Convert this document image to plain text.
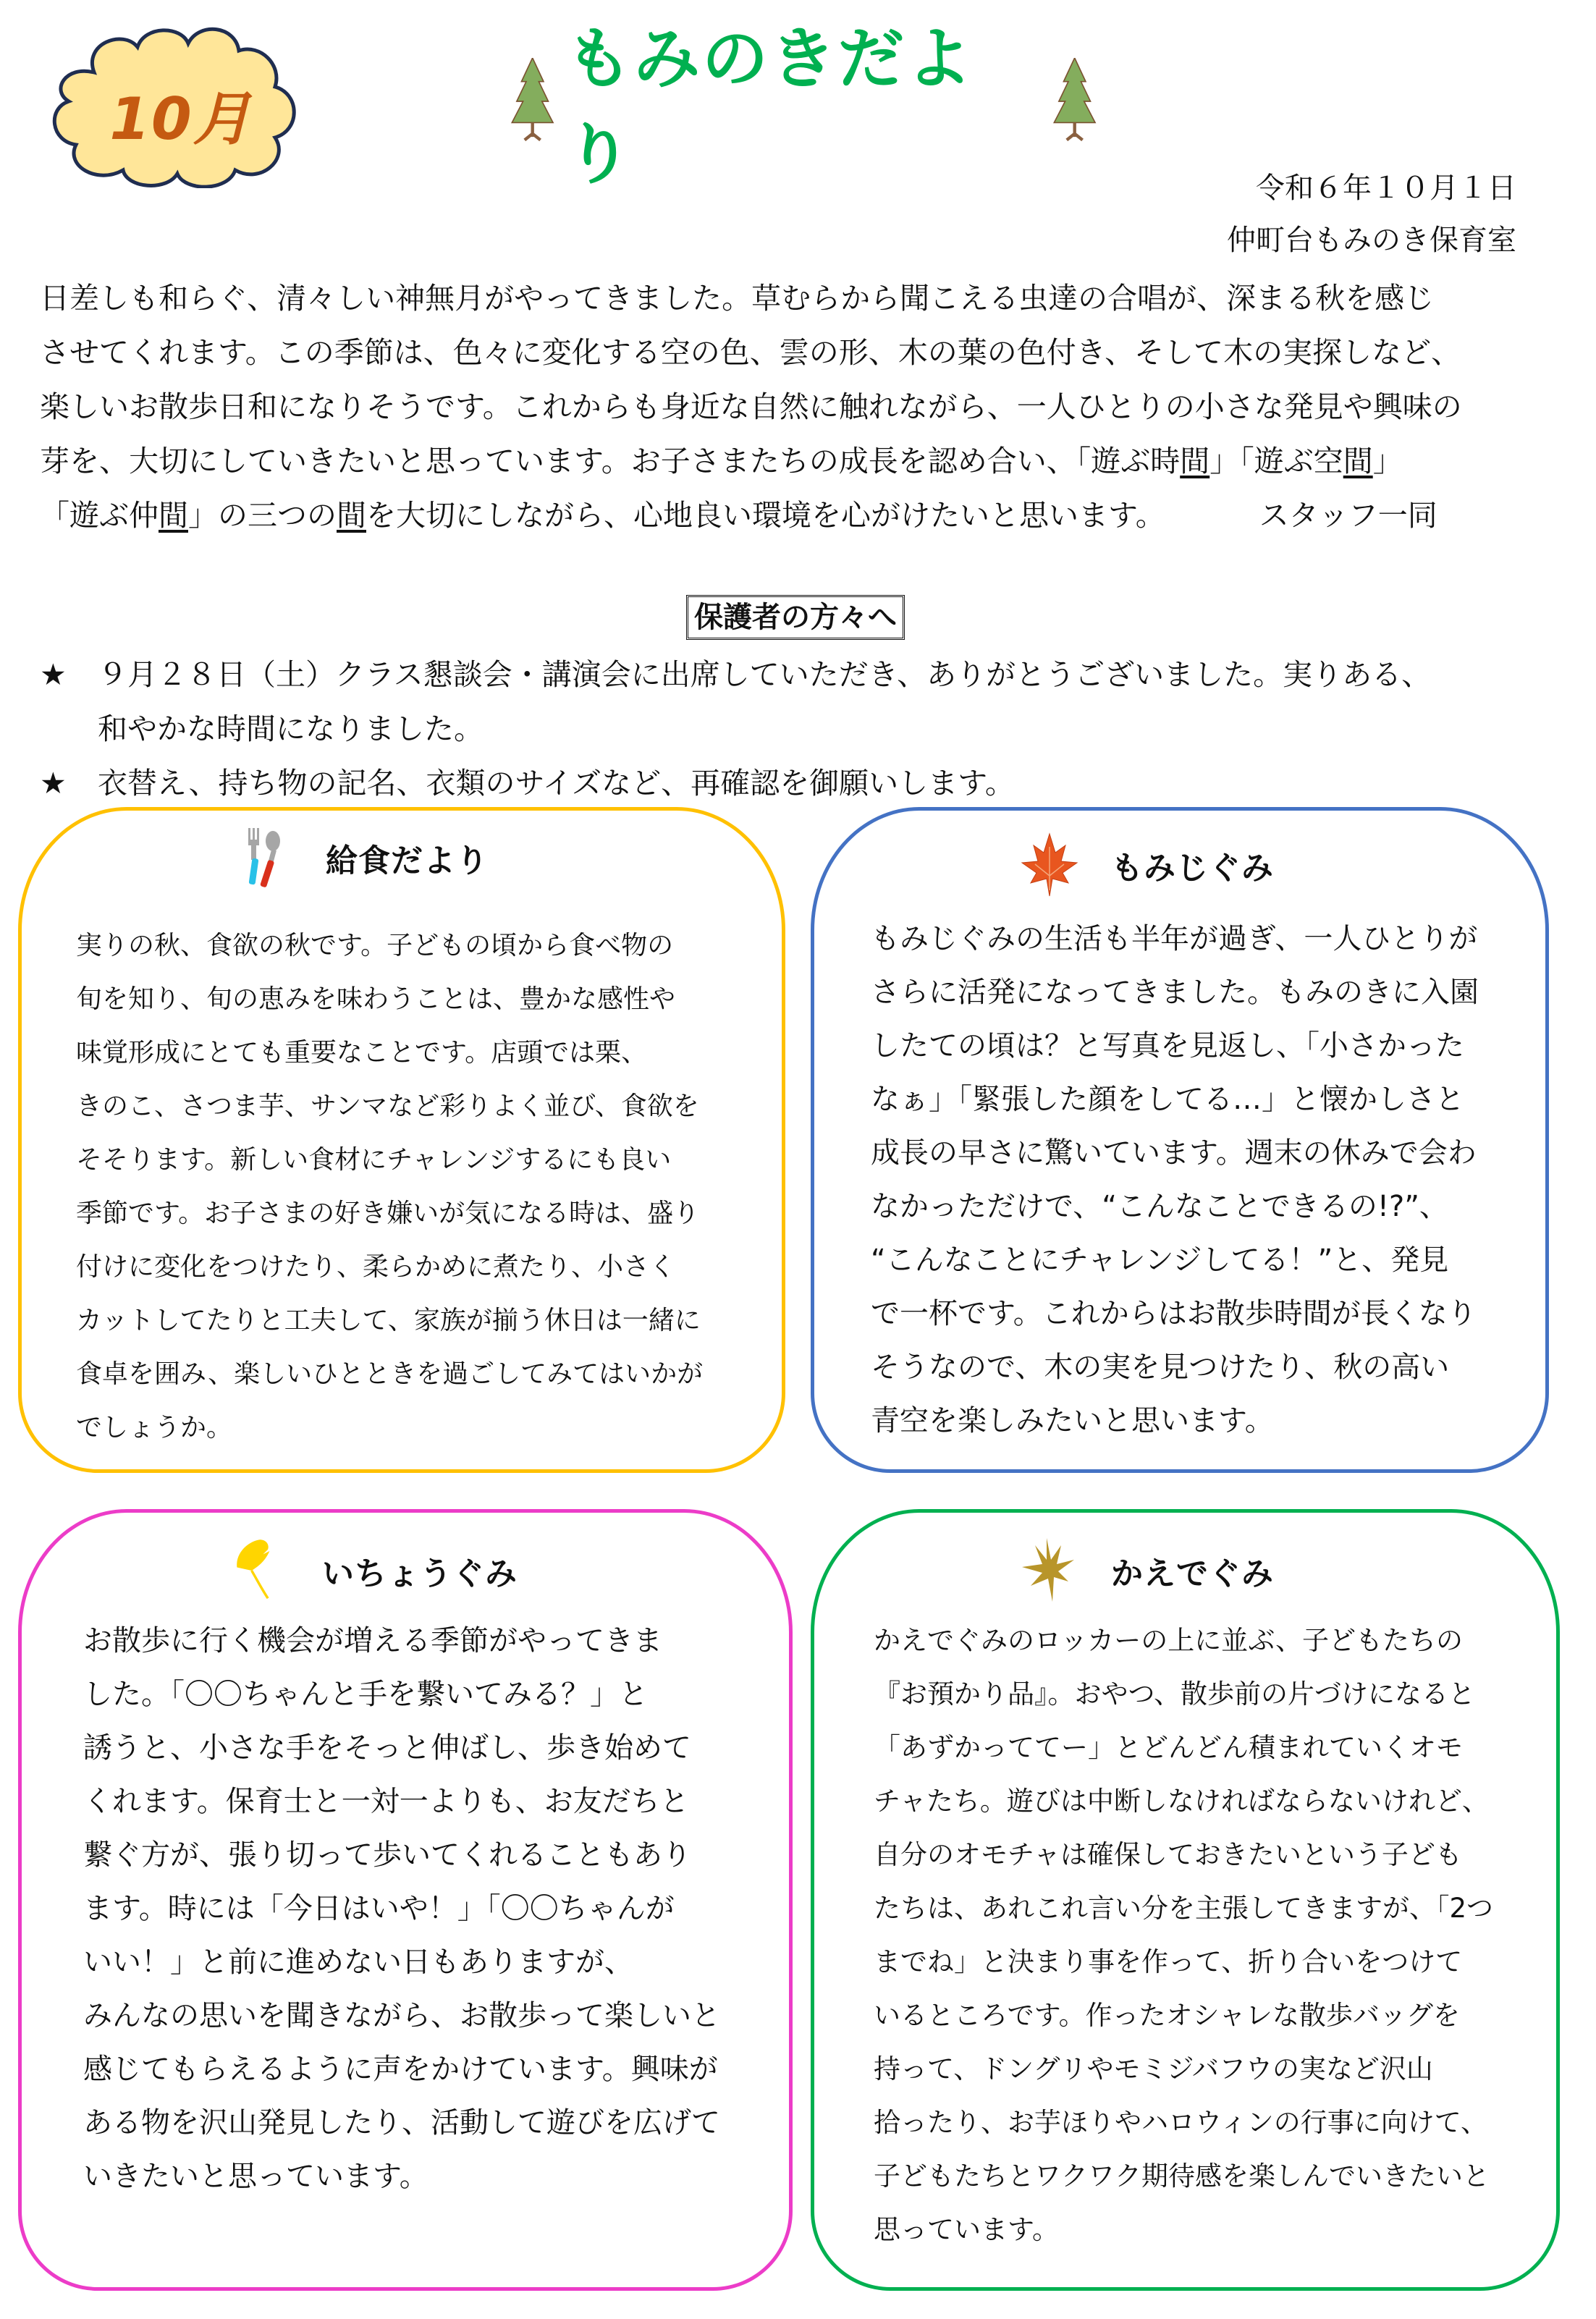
10月
もみのきだより	令和６年１０月１日
仲町台もみのき保育室
日差しも和らぐ、清々しい神無月がやってきました。草むらから聞こえる虫達の合唱が、深まる秋を感じ
させてくれます。この季節は、色々に変化する空の色、雲の形、木の葉の色付き、そして木の実探しなど、
楽しいお散歩日和になりそうです。これからも身近な自然に触れながら、一人ひとりの小さな発見や興味の
芽を、大切にしていきたいと思っています。お子さまたちの成長を認め合い、「遊ぶ時間」「遊ぶ空間」
「遊ぶ仲間」の三つの間を大切にしながら、心地良い環境を心がけたいと思います。	スタッフ一同
保護者の方々へ
★	９月２８日（土）クラス懇談会・講演会に出席していただき、ありがとうございました。実りある、
和やかな時間になりました。
★	衣替え、持ち物の記名、衣類のサイズなど、再確認を御願いします。
給食だより
実りの秋、食欲の秋です。子どもの頃から食べ物の
旬を知り、旬の恵みを味わうことは、豊かな感性や
味覚形成にとても重要なことです。店頭では栗、
きのこ、さつま芋、サンマなど彩りよく並び、食欲を
そそります。新しい食材にチャレンジするにも良い
季節です。お子さまの好き嫌いが気になる時は、盛り
付けに変化をつけたり、柔らかめに煮たり、小さく
カットしてたりと工夫して、家族が揃う休日は一緒に
食卓を囲み、楽しいひとときを過ごしてみてはいかが
でしょうか。
もみじぐみ
もみじぐみの生活も半年が過ぎ、一人ひとりが
さらに活発になってきました。もみのきに入園
したての頃は？と写真を見返し、「小さかった
なぁ」「緊張した顔をしてる…」と懐かしさと
成長の早さに驚いています。週末の休みで会わ
なかっただけで、“こんなことできるの!?”、
“こんなことにチャレンジしてる！”と、発見
で一杯です。これからはお散歩時間が長くなり
そうなので、木の実を見つけたり、秋の高い
青空を楽しみたいと思います。
いちょうぐみ
お散歩に行く機会が増える季節がやってきま
した。「〇〇ちゃんと手を繋いてみる？」と
誘うと、小さな手をそっと伸ばし、歩き始めて
くれます。保育士と一対一よりも、お友だちと
繋ぐ方が、張り切って歩いてくれることもあり
ます。時には「今日はいや！」「〇〇ちゃんが
いい！」と前に進めない日もありますが、
みんなの思いを聞きながら、お散歩って楽しいと
感じてもらえるように声をかけています。興味が
ある物を沢山発見したり、活動して遊びを広げて
いきたいと思っています。
かえでぐみ
かえでぐみのロッカーの上に並ぶ、子どもたちの
『お預かり品』。おやつ、散歩前の片づけになると
「あずかっててー」とどんどん積まれていくオモ
チャたち。遊びは中断しなければならないけれど、
自分のオモチャは確保しておきたいという子ども
たちは、あれこれ言い分を主張してきますが、「2つ
までね」と決まり事を作って、折り合いをつけて
いるところです。作ったオシャレな散歩バッグを
持って、ドングリやモミジバフウの実など沢山
拾ったり、お芋ほりやハロウィンの行事に向けて、
子どもたちとワクワク期待感を楽しんでいきたいと
思っています。
